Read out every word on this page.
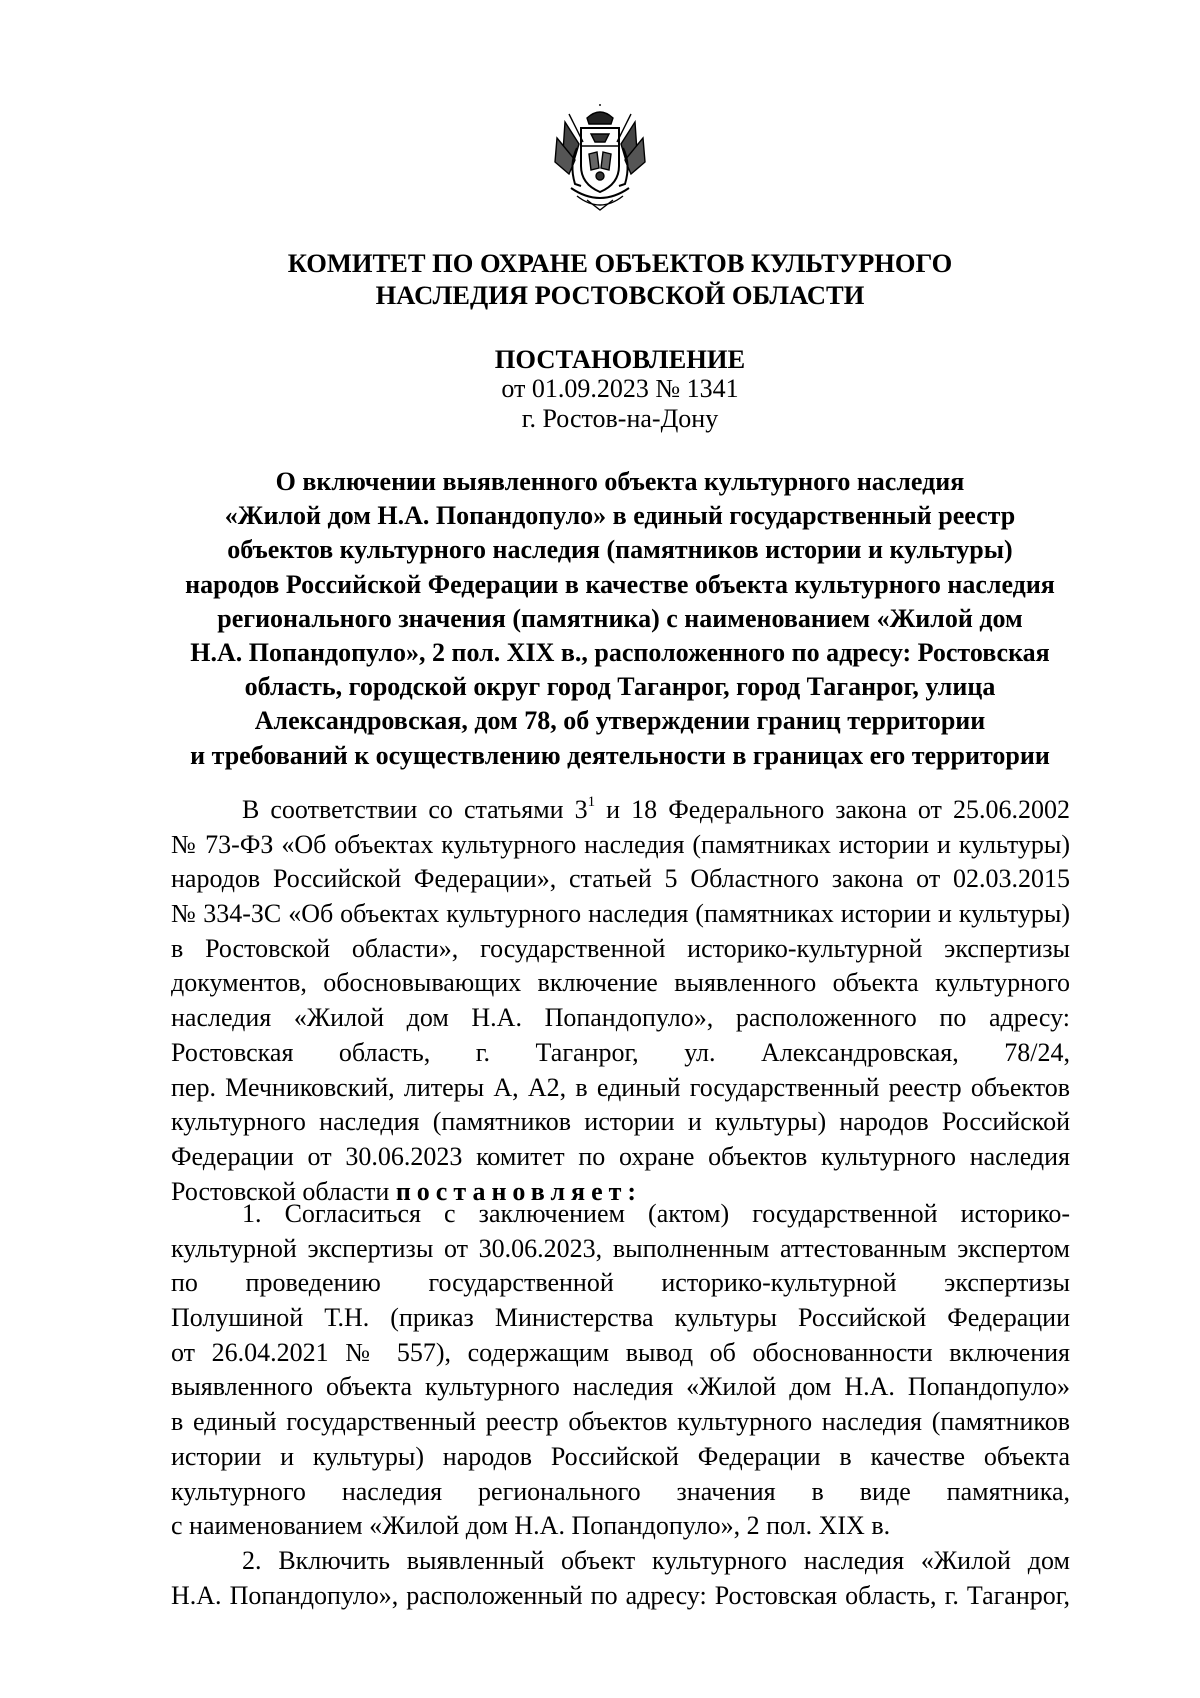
КОМИТЕТ ПО ОХРАНЕ ОБЪЕКТОВ КУЛЬТУРНОГО
НАСЛЕДИЯ РОСТОВСКОЙ ОБЛАСТИ
ПОСТАНОВЛЕНИЕ
от 01.09.2023 № 1341
г. Ростов-на-Дону
О включении выявленного объекта культурного наследия
«Жилой дом Н.А. Попандопуло» в единый государственный реестр
объектов культурного наследия (памятников истории и культуры)
народов Российской Федерации в качестве объекта культурного наследия
регионального значения (памятника) с наименованием «Жилой дом
Н.А. Попандопуло», 2 пол. XIX в., расположенного по адресу: Ростовская
область, городской округ город Таганрог, город Таганрог, улица
Александровская, дом 78, об утверждении границ территории
и требований к осуществлению деятельности в границах его территории
В соответствии со статьями $3^1$ и 18 Федерального закона от 25.06.2002
№ 73-ФЗ «Об объектах культурного наследия (памятниках истории и культуры)
народов Российской Федерации», статьей 5 Областного закона от 02.03.2015
№ 334-ЗС «Об объектах культурного наследия (памятниках истории и культуры)
в Ростовской области», государственной историко-культурной экспертизы
документов, обосновывающих включение выявленного объекта культурного
наследия «Жилой дом Н.А. Попандопуло», расположенного по адресу:
Ростовская область, г. Таганрог, ул. Александровская, 78/24,
пер. Мечниковский, литеры А, А2, в единый государственный реестр объектов
культурного наследия (памятников истории и культуры) народов Российской
Федерации от 30.06.2023 комитет по охране объектов культурного наследия
Ростовской области постановляет:
1. Согласиться с заключением (актом) государственной историко-
культурной экспертизы от 30.06.2023, выполненным аттестованным экспертом
по проведению государственной историко-культурной экспертизы
Полушиной Т.Н. (приказ Министерства культуры Российской Федерации
от 26.04.2021 № 557), содержащим вывод об обоснованности включения
выявленного объекта культурного наследия «Жилой дом Н.А. Попандопуло»
в единый государственный реестр объектов культурного наследия (памятников
истории и культуры) народов Российской Федерации в качестве объекта
культурного наследия регионального значения в виде памятника,
с наименованием «Жилой дом Н.А. Попандопуло», 2 пол. XIX в.
2. Включить выявленный объект культурного наследия «Жилой дом
Н.А. Попандопуло», расположенный по адресу: Ростовская область, г. Таганрог,
